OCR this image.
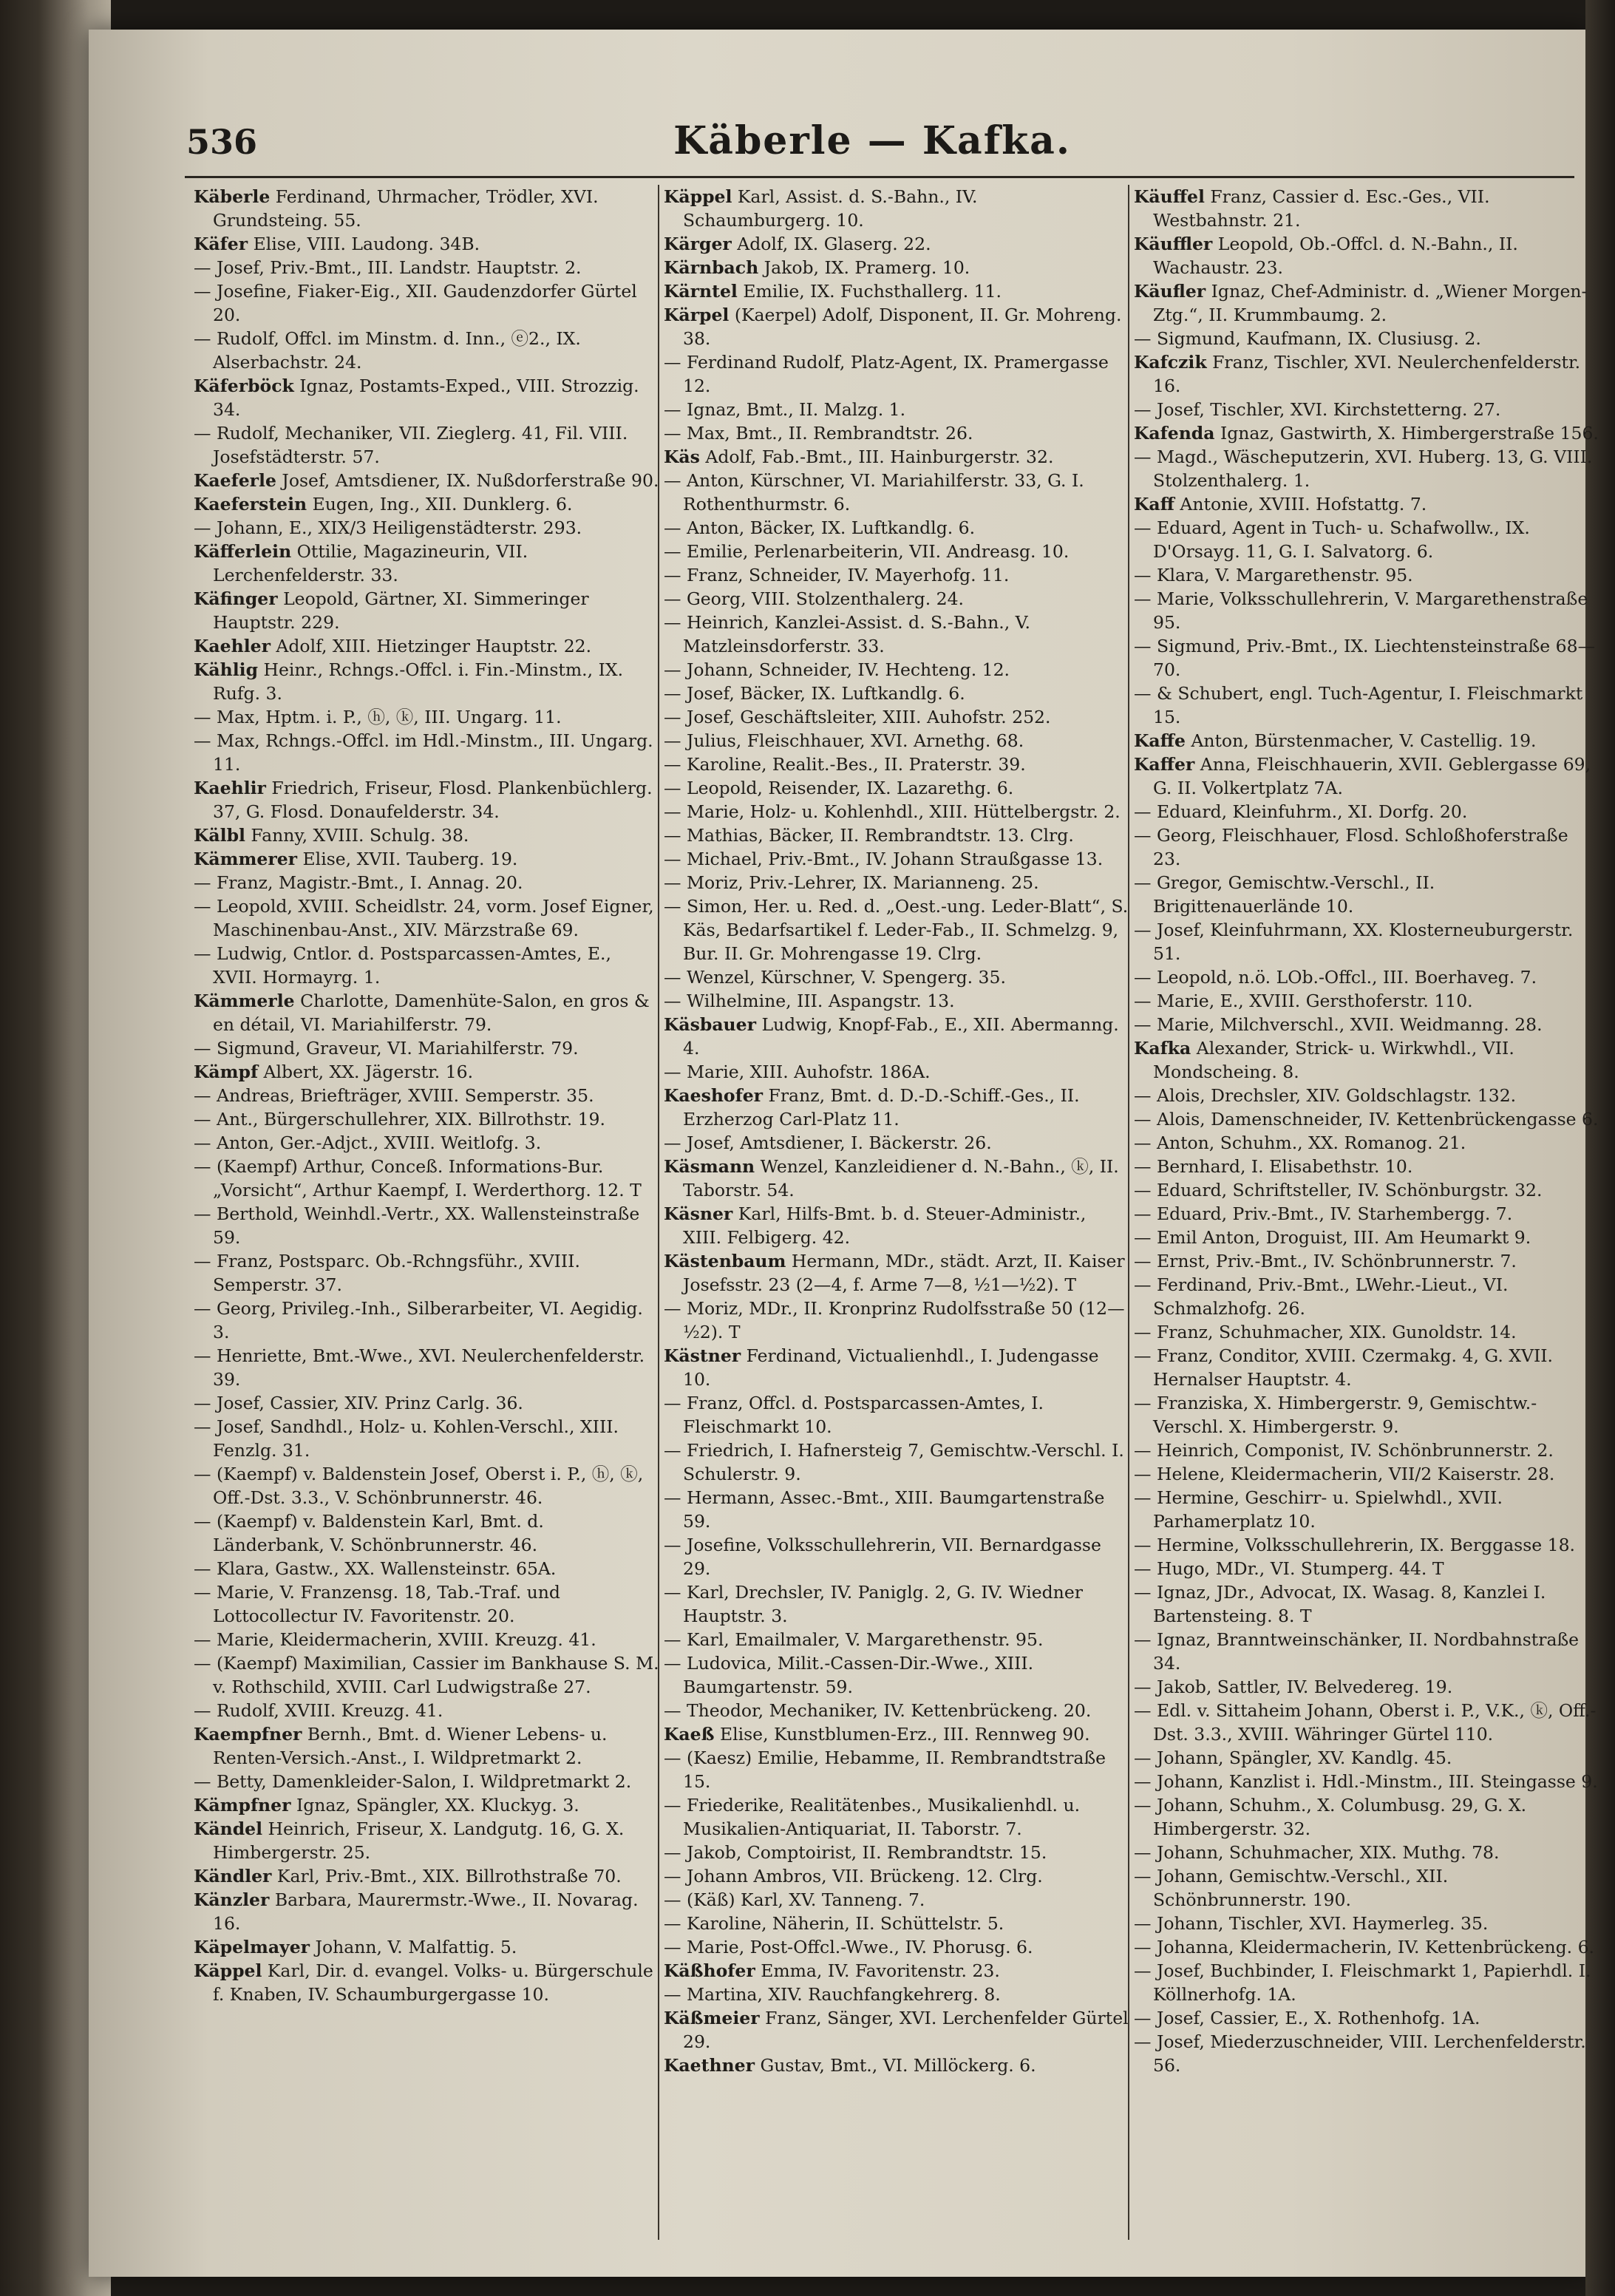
536	Käberle — Kafka.
Käberle Ferdinand, Uhrmacher, Trödler, XVI. Grundsteing. 55.
Käfer Elise, VIII. Laudong. 34B.
— Josef, Priv.-Bmt., III. Landstr. Hauptstr. 2.
— Josefine, Fiaker-Eig., XII. Gaudenzdorfer Gürtel 20.
— Rudolf, Offcl. im Minstm. d. Inn., ⓔ2., IX. Alserbachstr. 24.
Käferböck Ignaz, Postamts-Exped., VIII. Strozzig. 34.
— Rudolf, Mechaniker, VII. Zieglerg. 41, Fil. VIII. Josefstädterstr. 57.
Kaeferle Josef, Amtsdiener, IX. Nußdorferstraße 90.
Kaeferstein Eugen, Ing., XII. Dunklerg. 6.
— Johann, E., XIX/3 Heiligenstädterstr. 293.
Käfferlein Ottilie, Magazineurin, VII. Lerchenfelderstr. 33.
Käfinger Leopold, Gärtner, XI. Simmeringer Hauptstr. 229.
Kaehler Adolf, XIII. Hietzinger Hauptstr. 22.
Kählig Heinr., Rchngs.-Offcl. i. Fin.-Minstm., IX. Rufg. 3.
— Max, Hptm. i. P., ⓗ, ⓚ, III. Ungarg. 11.
— Max, Rchngs.-Offcl. im Hdl.-Minstm., III. Ungarg. 11.
Kaehlir Friedrich, Friseur, Flosd. Plankenbüchlerg. 37, G. Flosd. Donaufelderstr. 34.
Kälbl Fanny, XVIII. Schulg. 38.
Kämmerer Elise, XVII. Tauberg. 19.
— Franz, Magistr.-Bmt., I. Annag. 20.
— Leopold, XVIII. Scheidlstr. 24, vorm. Josef Eigner, Maschinenbau-Anst., XIV. Märzstraße 69.
— Ludwig, Cntlor. d. Postsparcassen-Amtes, E., XVII. Hormayrg. 1.
Kämmerle Charlotte, Damenhüte-Salon, en gros & en détail, VI. Mariahilferstr. 79.
— Sigmund, Graveur, VI. Mariahilferstr. 79.
Kämpf Albert, XX. Jägerstr. 16.
— Andreas, Briefträger, XVIII. Semperstr. 35.
— Ant., Bürgerschullehrer, XIX. Billrothstr. 19.
— Anton, Ger.-Adjct., XVIII. Weitlofg. 3.
— (Kaempf) Arthur, Conceß. Informations-Bur. „Vorsicht“, Arthur Kaempf, I. Werderthorg. 12. T
— Berthold, Weinhdl.-Vertr., XX. Wallensteinstraße 59.
— Franz, Postsparc. Ob.-Rchngsführ., XVIII. Semperstr. 37.
— Georg, Privileg.-Inh., Silberarbeiter, VI. Aegidig. 3.
— Henriette, Bmt.-Wwe., XVI. Neulerchenfelderstr. 39.
— Josef, Cassier, XIV. Prinz Carlg. 36.
— Josef, Sandhdl., Holz- u. Kohlen-Verschl., XIII. Fenzlg. 31.
— (Kaempf) v. Baldenstein Josef, Oberst i. P., ⓗ, ⓚ, Off.-Dst. 3.3., V. Schönbrunnerstr. 46.
— (Kaempf) v. Baldenstein Karl, Bmt. d. Länderbank, V. Schönbrunnerstr. 46.
— Klara, Gastw., XX. Wallensteinstr. 65A.
— Marie, V. Franzensg. 18, Tab.-Traf. und Lottocollectur IV. Favoritenstr. 20.
— Marie, Kleidermacherin, XVIII. Kreuzg. 41.
— (Kaempf) Maximilian, Cassier im Bankhause S. M. v. Rothschild, XVIII. Carl Ludwigstraße 27.
— Rudolf, XVIII. Kreuzg. 41.
Kaempfner Bernh., Bmt. d. Wiener Lebens- u. Renten-Versich.-Anst., I. Wildpretmarkt 2.
— Betty, Damenkleider-Salon, I. Wildpretmarkt 2.
Kämpfner Ignaz, Spängler, XX. Kluckyg. 3.
Kändel Heinrich, Friseur, X. Landgutg. 16, G. X. Himbergerstr. 25.
Kändler Karl, Priv.-Bmt., XIX. Billrothstraße 70.
Känzler Barbara, Maurermstr.-Wwe., II. Novarag. 16.
Käpelmayer Johann, V. Malfattig. 5.
Käppel Karl, Dir. d. evangel. Volks- u. Bürgerschule f. Knaben, IV. Schaumburgergasse 10.
Käppel Karl, Assist. d. S.-Bahn., IV. Schaumburgerg. 10.
Kärger Adolf, IX. Glaserg. 22.
Kärnbach Jakob, IX. Pramerg. 10.
Kärntel Emilie, IX. Fuchsthallerg. 11.
Kärpel (Kaerpel) Adolf, Disponent, II. Gr. Mohreng. 38.
— Ferdinand Rudolf, Platz-Agent, IX. Pramergasse 12.
— Ignaz, Bmt., II. Malzg. 1.
— Max, Bmt., II. Rembrandtstr. 26.
Käs Adolf, Fab.-Bmt., III. Hainburgerstr. 32.
— Anton, Kürschner, VI. Mariahilferstr. 33, G. I. Rothenthurmstr. 6.
— Anton, Bäcker, IX. Luftkandlg. 6.
— Emilie, Perlenarbeiterin, VII. Andreasg. 10.
— Franz, Schneider, IV. Mayerhofg. 11.
— Georg, VIII. Stolzenthalerg. 24.
— Heinrich, Kanzlei-Assist. d. S.-Bahn., V. Matzleinsdorferstr. 33.
— Johann, Schneider, IV. Hechteng. 12.
— Josef, Bäcker, IX. Luftkandlg. 6.
— Josef, Geschäftsleiter, XIII. Auhofstr. 252.
— Julius, Fleischhauer, XVI. Arnethg. 68.
— Karoline, Realit.-Bes., II. Praterstr. 39.
— Leopold, Reisender, IX. Lazarethg. 6.
— Marie, Holz- u. Kohlenhdl., XIII. Hüttelbergstr. 2.
— Mathias, Bäcker, II. Rembrandtstr. 13. Clrg.
— Michael, Priv.-Bmt., IV. Johann Straußgasse 13.
— Moriz, Priv.-Lehrer, IX. Marianneng. 25.
— Simon, Her. u. Red. d. „Oest.-ung. Leder-Blatt“, S. Käs, Bedarfsartikel f. Leder-Fab., II. Schmelzg. 9, Bur. II. Gr. Mohrengasse 19. Clrg.
— Wenzel, Kürschner, V. Spengerg. 35.
— Wilhelmine, III. Aspangstr. 13.
Käsbauer Ludwig, Knopf-Fab., E., XII. Abermanng. 4.
— Marie, XIII. Auhofstr. 186A.
Kaeshofer Franz, Bmt. d. D.-D.-Schiff.-Ges., II. Erzherzog Carl-Platz 11.
— Josef, Amtsdiener, I. Bäckerstr. 26.
Käsmann Wenzel, Kanzleidiener d. N.-Bahn., ⓚ, II. Taborstr. 54.
Käsner Karl, Hilfs-Bmt. b. d. Steuer-Administr., XIII. Felbigerg. 42.
Kästenbaum Hermann, MDr., städt. Arzt, II. Kaiser Josefsstr. 23 (2—4, f. Arme 7—8, ½1—½2). T
— Moriz, MDr., II. Kronprinz Rudolfsstraße 50 (12—½2). T
Kästner Ferdinand, Victualienhdl., I. Judengasse 10.
— Franz, Offcl. d. Postsparcassen-Amtes, I. Fleischmarkt 10.
— Friedrich, I. Hafnersteig 7, Gemischtw.-Verschl. I. Schulerstr. 9.
— Hermann, Assec.-Bmt., XIII. Baumgartenstraße 59.
— Josefine, Volksschullehrerin, VII. Bernardgasse 29.
— Karl, Drechsler, IV. Paniglg. 2, G. IV. Wiedner Hauptstr. 3.
— Karl, Emailmaler, V. Margarethenstr. 95.
— Ludovica, Milit.-Cassen-Dir.-Wwe., XIII. Baumgartenstr. 59.
— Theodor, Mechaniker, IV. Kettenbrückeng. 20.
Kaeß Elise, Kunstblumen-Erz., III. Rennweg 90.
— (Kaesz) Emilie, Hebamme, II. Rembrandtstraße 15.
— Friederike, Realitätenbes., Musikalienhdl. u. Musikalien-Antiquariat, II. Taborstr. 7.
— Jakob, Comptoirist, II. Rembrandtstr. 15.
— Johann Ambros, VII. Brückeng. 12. Clrg.
— (Käß) Karl, XV. Tanneng. 7.
— Karoline, Näherin, II. Schüttelstr. 5.
— Marie, Post-Offcl.-Wwe., IV. Phorusg. 6.
Käßhofer Emma, IV. Favoritenstr. 23.
— Martina, XIV. Rauchfangkehrerg. 8.
Käßmeier Franz, Sänger, XVI. Lerchenfelder Gürtel 29.
Kaethner Gustav, Bmt., VI. Millöckerg. 6.
Käuffel Franz, Cassier d. Esc.-Ges., VII. Westbahnstr. 21.
Käuffler Leopold, Ob.-Offcl. d. N.-Bahn., II. Wachaustr. 23.
Käufler Ignaz, Chef-Administr. d. „Wiener Morgen-Ztg.“, II. Krummbaumg. 2.
— Sigmund, Kaufmann, IX. Clusiusg. 2.
Kafczik Franz, Tischler, XVI. Neulerchenfelderstr. 16.
— Josef, Tischler, XVI. Kirchstetterng. 27.
Kafenda Ignaz, Gastwirth, X. Himbergerstraße 156.
— Magd., Wäscheputzerin, XVI. Huberg. 13, G. VIII. Stolzenthalerg. 1.
Kaff Antonie, XVIII. Hofstattg. 7.
— Eduard, Agent in Tuch- u. Schafwollw., IX. D'Orsayg. 11, G. I. Salvatorg. 6.
— Klara, V. Margarethenstr. 95.
— Marie, Volksschullehrerin, V. Margarethenstraße 95.
— Sigmund, Priv.-Bmt., IX. Liechtensteinstraße 68—70.
— & Schubert, engl. Tuch-Agentur, I. Fleischmarkt 15.
Kaffe Anton, Bürstenmacher, V. Castellig. 19.
Kaffer Anna, Fleischhauerin, XVII. Geblergasse 69, G. II. Volkertplatz 7A.
— Eduard, Kleinfuhrm., XI. Dorfg. 20.
— Georg, Fleischhauer, Flosd. Schloßhoferstraße 23.
— Gregor, Gemischtw.-Verschl., II. Brigittenauerlände 10.
— Josef, Kleinfuhrmann, XX. Klosterneuburgerstr. 51.
— Leopold, n.ö. LOb.-Offcl., III. Boerhaveg. 7.
— Marie, E., XVIII. Gersthoferstr. 110.
— Marie, Milchverschl., XVII. Weidmanng. 28.
Kafka Alexander, Strick- u. Wirkwhdl., VII. Mondscheing. 8.
— Alois, Drechsler, XIV. Goldschlagstr. 132.
— Alois, Damenschneider, IV. Kettenbrückengasse 6.
— Anton, Schuhm., XX. Romanog. 21.
— Bernhard, I. Elisabethstr. 10.
— Eduard, Schriftsteller, IV. Schönburgstr. 32.
— Eduard, Priv.-Bmt., IV. Starhembergg. 7.
— Emil Anton, Droguist, III. Am Heumarkt 9.
— Ernst, Priv.-Bmt., IV. Schönbrunnerstr. 7.
— Ferdinand, Priv.-Bmt., LWehr.-Lieut., VI. Schmalzhofg. 26.
— Franz, Schuhmacher, XIX. Gunoldstr. 14.
— Franz, Conditor, XVIII. Czermakg. 4, G. XVII. Hernalser Hauptstr. 4.
— Franziska, X. Himbergerstr. 9, Gemischtw.-Verschl. X. Himbergerstr. 9.
— Heinrich, Componist, IV. Schönbrunnerstr. 2.
— Helene, Kleidermacherin, VII/2 Kaiserstr. 28.
— Hermine, Geschirr- u. Spielwhdl., XVII. Parhamerplatz 10.
— Hermine, Volksschullehrerin, IX. Berggasse 18.
— Hugo, MDr., VI. Stumperg. 44. T
— Ignaz, JDr., Advocat, IX. Wasag. 8, Kanzlei I. Bartensteing. 8. T
— Ignaz, Branntweinschänker, II. Nordbahnstraße 34.
— Jakob, Sattler, IV. Belvedereg. 19.
— Edl. v. Sittaheim Johann, Oberst i. P., V.K., ⓚ, Off.-Dst. 3.3., XVIII. Währinger Gürtel 110.
— Johann, Spängler, XV. Kandlg. 45.
— Johann, Kanzlist i. Hdl.-Minstm., III. Steingasse 9.
— Johann, Schuhm., X. Columbusg. 29, G. X. Himbergerstr. 32.
— Johann, Schuhmacher, XIX. Muthg. 78.
— Johann, Gemischtw.-Verschl., XII. Schönbrunnerstr. 190.
— Johann, Tischler, XVI. Haymerleg. 35.
— Johanna, Kleidermacherin, IV. Kettenbrückeng. 6.
— Josef, Buchbinder, I. Fleischmarkt 1, Papierhdl. I. Köllnerhofg. 1A.
— Josef, Cassier, E., X. Rothenhofg. 1A.
— Josef, Miederzuschneider, VIII. Lerchenfelderstr. 56.
